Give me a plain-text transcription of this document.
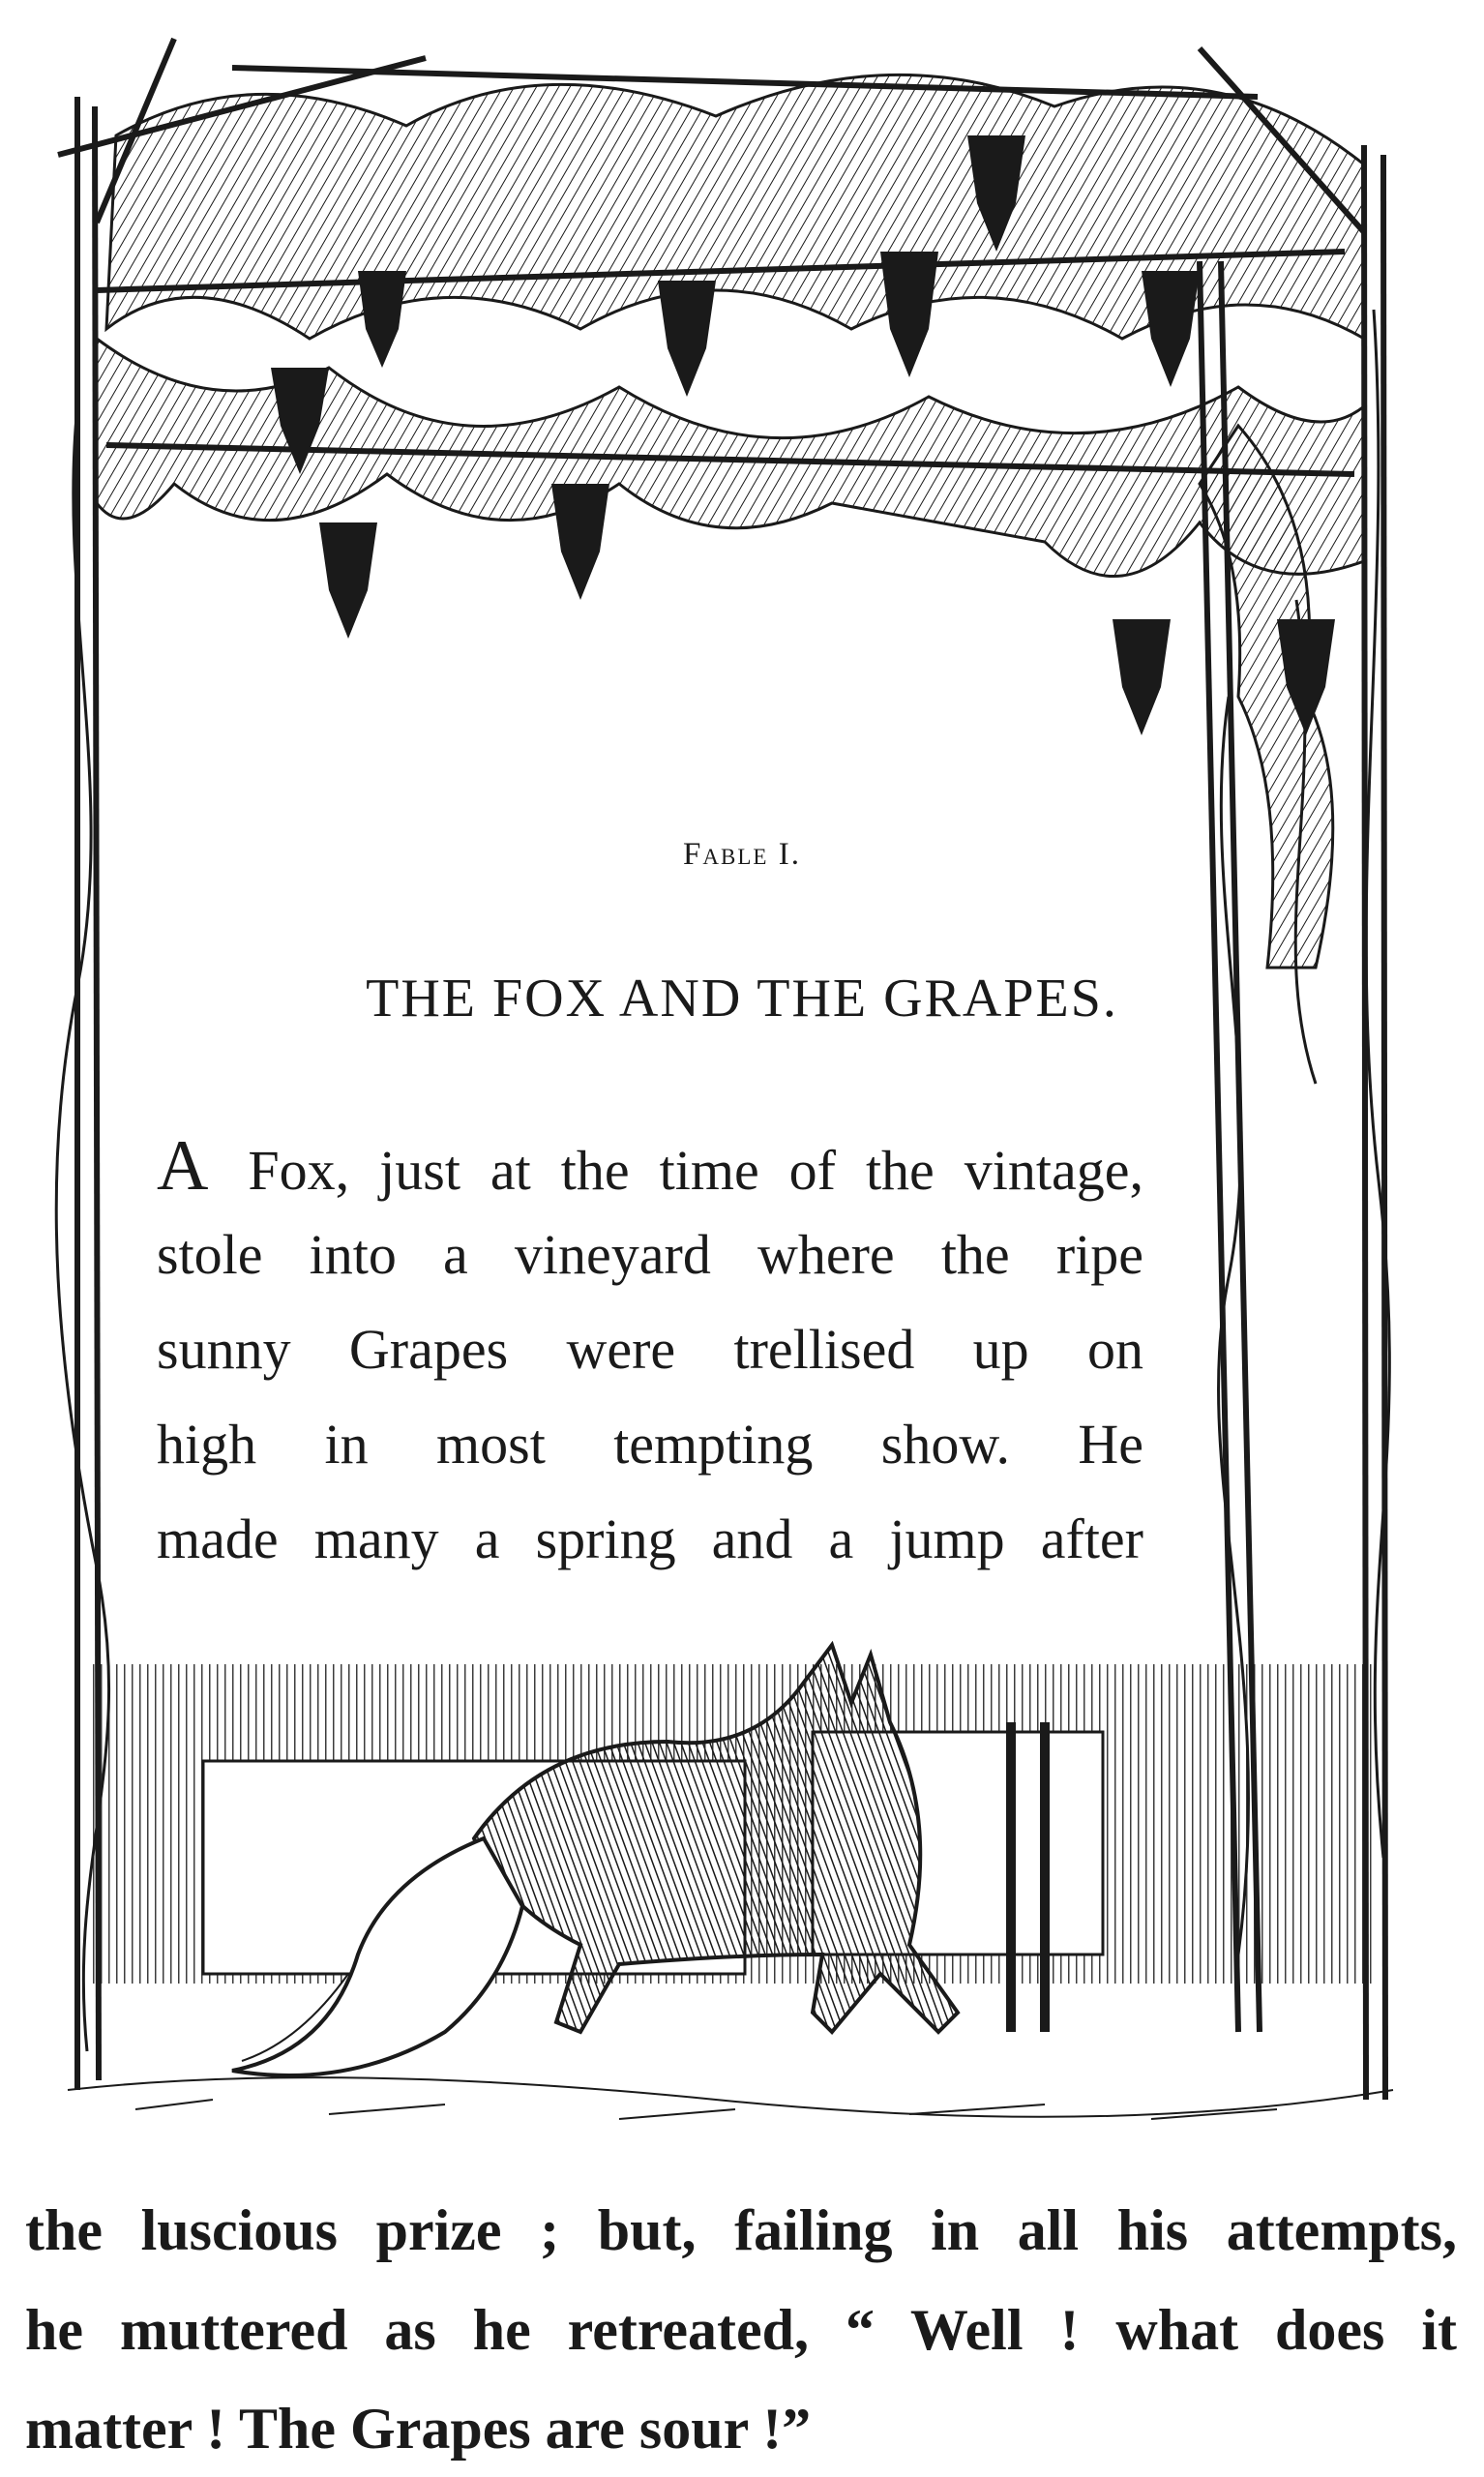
Fable I.
THE FOX AND THE GRAPES.
A Fox, just at the time of the vintage,
stole into a vineyard where the ripe
sunny Grapes were trellised up on
high in most tempting show. He
made many a spring and a jump after
the luscious prize ; but, failing in all his attempts,
he muttered as he retreated, “ Well ! what does it
matter ! The Grapes are sour !”
